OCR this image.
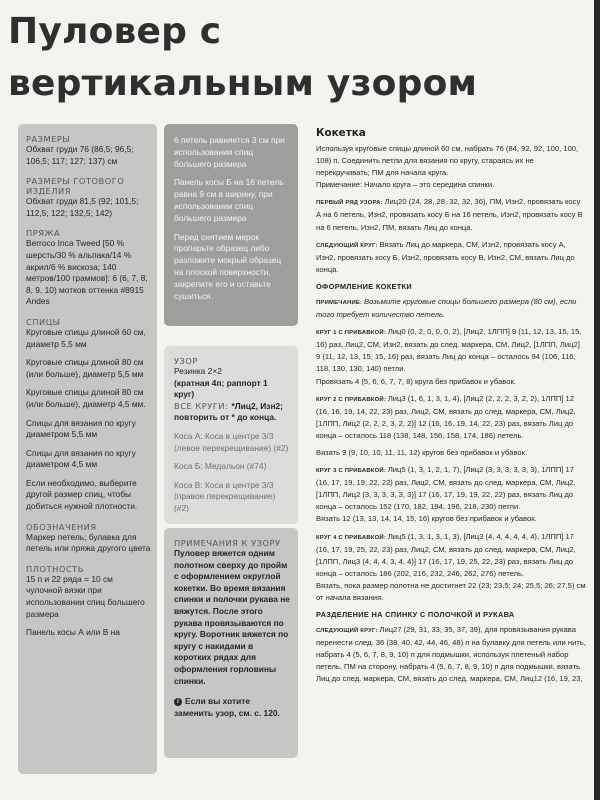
Пуловер с вертикальным узором
РАЗМЕРЫ
Обхват груди 76 (86,5; 96,5; 106,5; 117; 127; 137) см
РАЗМЕРЫ ГОТОВОГО ИЗДЕЛИЯ
Обхват груди 81,5 (92; 101,5; 112,5; 122; 132,5; 142)
ПРЯЖА
Berroco Inca Tweed [50 % шерсть/30 % альпака/14 % акрил/6 % вискоза; 140 метров/100 граммов]: 6 (6, 7, 8, 8, 9, 10) мотков оттенка #8915 Andes
СПИЦЫ
Круговые спицы длиной 60 см, диаметр 5,5 мм
Круговые спицы длиной 80 см (или больше), диаметр 5,5 мм
Круговые спицы длиной 80 см (или больше), диаметр 4,5 мм.
Спицы для вязания по кругу диаметром 5,5 мм
Спицы для вязания по кругу диаметром 4,5 мм
Если необходимо, выберите другой размер спиц, чтобы добиться нужной плотности.
ОБОЗНАЧЕНИЯ
Маркер петель; булавка для петель или пряжа другого цвета
ПЛОТНОСТЬ
15 п и 22 ряда = 10 см чулочной вязки при использовании спиц большего размера
Панель косы А или В на
6 петель равняется 3 см при использовании спиц большего размера
Панель косы Б на 16 петель равна 9 см в ширину, при использовании спиц большего размера
Перед снятием мерок пропарьте образец либо разложите мокрый образец на плоской поверхности, закрепите его и оставьте сушиться.
УЗОР
Резинка 2×2
(кратная 4п; раппорт 1 круг)
ВСЕ КРУГИ: *Лиц2, Изн2; повторить от * до конца.
Коса А: Коса в центре 3/3 (левое перекрещивание) (#2)
Коса Б: Медальон (#74)
Коса В: Коса в центре 3/3 (правое перекрещивание) (#2)
ПРИМЕЧАНИЯ К УЗОРУ
Пуловер вяжется одним полотном сверху до пройм с оформлением округлой кокетки. Во время вязания спинки и полочки рукава не вяжутся. После этого рукава провязываются по кругу. Воротник вяжется по кругу с накидами в коротких рядах для оформления горловины спинки.
i Если вы хотите заменить узор, см. с. 120.
Кокетка

Используя круговые спицы длиной 60 см, набрать 76 (84, 92, 92, 100, 100, 108) п. Соединить петли для вязания по кругу, стараясь их не перекручивать; ПМ для начала круга.

Примечание: Начало круга – это середина спинки.

ПЕРВЫЙ РЯД УЗОРА: Лиц20 (24, 28, 28, 32, 32, 36), ПМ, Изн2, провязать косу А на 6 петель, Изн2, провязать косу Б на 16 петель, Изн2, провязать косу В на 6 петель, Изн2, ПМ, вязать Лиц до конца.

СЛЕДУЮЩИЙ КРУГ: Вязать Лиц до маркера, СМ, Изн2, провязать косу А, Изн2, провязать косу Б, Изн2, провязать косу В, Изн2, СМ, вязать Лиц до конца.

ОФОРМЛЕНИЕ КОКЕТКИ

ПРИМЕЧАНИЕ: Возьмите круговые спицы большего размера (80 см), если того требует количество петель.

КРУГ 1 С ПРИБАВКОЙ: Лиц0 (0, 2, 0, 0, 0, 2), [Лиц2, 1ЛПП] 9 (11, 12, 13, 15, 15, 16) раз, Лиц2, СМ, Изн2, вязать до след. маркера, СМ, Лиц2, [1ЛПП, Лиц2] 9 (11, 12, 13, 15, 15, 16) раз, вязать Лиц до конца – осталось 94 (106, 116, 118, 130, 130, 140) петли.

Провязать 4 (5, 6, 6, 7, 7, 8) круга без прибавок и убавок.

КРУГ 2 С ПРИБАВКОЙ: Лиц3 (1, 6, 1, 3, 1, 4), [Лиц2 (2, 2, 2, 3, 2, 2), 1ЛПП] 12 (16, 16, 19, 14, 22, 23) раз, Лиц2, СМ, вязать до след. маркера, СМ, Лиц2, [1ЛПП, Лиц2 (2, 2, 2, 3, 2, 2)] 12 (16, 16, 19, 14, 22, 23) раз, вязать Лиц до конца – осталось 118 (138, 148, 156, 158, 174, 186) петель.

Вязать 9 (9, 10, 10, 11, 11, 12) кругов без прибавок и убавок.

КРУГ 3 С ПРИБАВКОЙ: Лиц5 (1, 3, 1, 2, 1, 7), [Лиц2 (3, 3, 3, 3, 3, 3), 1ЛПП] 17 (16, 17, 19, 19, 22, 22) раз, Лиц2, СМ, вязать до след. маркера, СМ, Лиц2, [1ЛПП, Лиц2 (3, 3, 3, 3, 3, 3)] 17 (16, 17, 19, 19, 22, 22) раз, вязать Лиц до конца – осталось 152 (170, 182, 194, 196, 218, 230) петли.

Вязать 12 (13, 13, 14, 14, 15, 16) кругов без прибавок и убавок.

КРУГ 4 С ПРИБАВКОЙ: Лиц5 (1, 3, 1, 3, 1, 3), [Лиц3 (4, 4, 4, 4, 4, 4), 1ЛПП] 17 (16, 17, 19, 25, 22, 23) раз, Лиц2, СМ, вязать до след. маркера, СМ, Лиц2, [1ЛПП, Лиц3 (4, 4, 4, 3, 4, 4)] 17 (16, 17, 19, 25, 22, 23) раз, вязать Лиц до конца – осталось 186 (202, 216, 232, 246, 262, 276) петель.

Вязать, пока размер полотна не достигнет 22 (23; 23,5; 24; 25,5; 26; 27,5) см от начала вязания.

РАЗДЕЛЕНИЕ НА СПИНКУ С ПОЛОЧКОЙ И РУКАВА

СЛЕДУЮЩИЙ КРУГ: Лиц27 (29, 31, 33, 35, 37, 39), для провязывания рукава перенести след. 36 (38, 40, 42, 44, 46, 48) п на булавку для петель или нить, набрать 4 (5, 6, 7, 8, 9, 10) п для подмышки, используя плетеный набор петель, ПМ на сторону, набрать 4 (5, 6, 7, 8, 9, 10) п для подмышки, вязать Лиц до след. маркера, СМ, вязать до след. маркера, СМ, Лиц12 (16, 19, 23,
